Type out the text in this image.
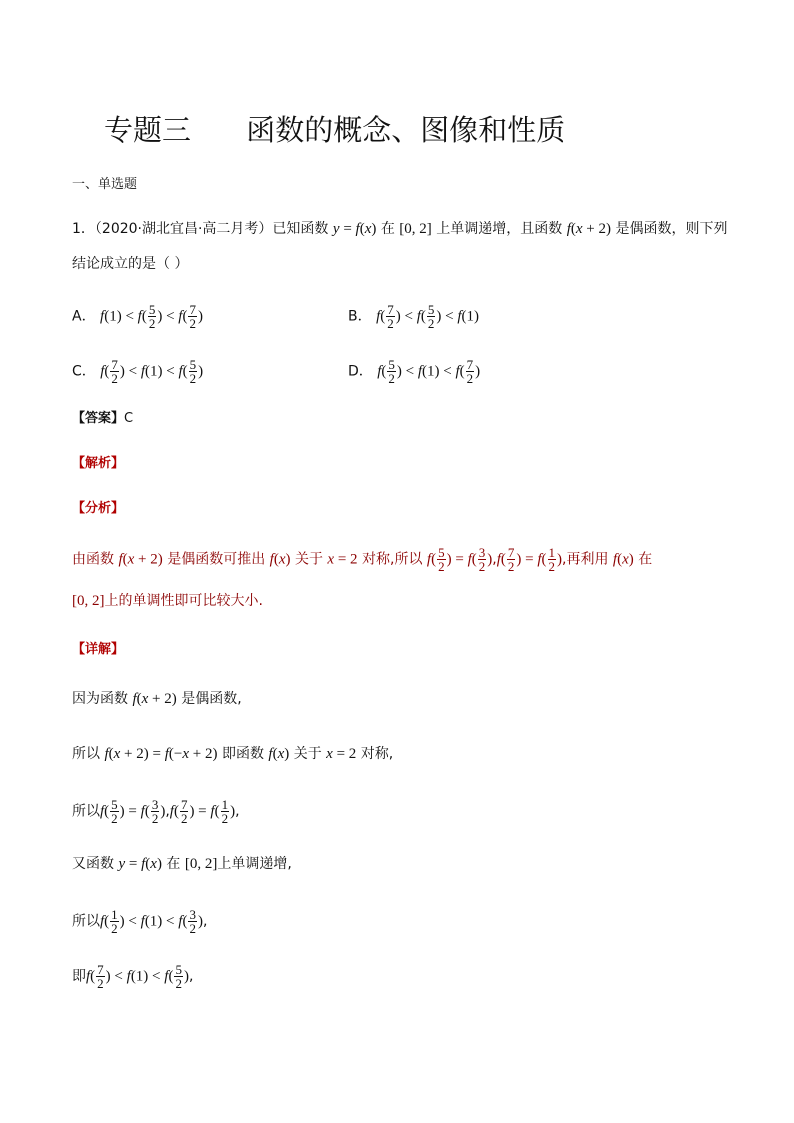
专题三      函数的概念、图像和性质
一、单选题
1．（2020·湖北宜昌·高二月考）已知函数 y = f(x) 在 [0, 2] 上单调递增，且函数 f(x + 2) 是偶函数，则下列
结论成立的是（ ）
A． $f(1) < f( \frac{5}{2}$ ) < $f( \frac{7}{2}$ )	B． $f( \frac{7}{2}$ ) < $f( \frac{5}{2}$ ) < f(1)
C． $f( \frac{7}{2}$ ) < $f(1) < f( \frac{5}{2}$ )	D． $f( \frac{5}{2}$ ) < $f(1) < f( \frac{7}{2}$ )
【答案】C
【解析】
【分析】
由函数 f(x + 2) 是偶函数可推出 f(x) 关于 x = 2 对称,所以 $f( \frac{5}{2}$ ) = $f( \frac{3}{2} ),f( \frac{7}{2}$ ) = $f( \frac{1}{2}$ ),再利用 f(x) 在
[0, 2]上的单调性即可比较大小.
【详解】
因为函数 f(x + 2) 是偶函数,
所以 f(x + 2) = f(−x + 2) 即函数 f(x) 关于 x = 2 对称,
所以$f( \frac{5}{2}$ ) = $f( \frac{3}{2} ),f( \frac{7}{2}$ ) = $f( \frac{1}{2}$ ),
又函数 y = f(x) 在 [0, 2]上单调递增,
所以$f( \frac{1}{2}$ ) < $f(1) < f( \frac{3}{2}$ ),
即$f( \frac{7}{2}$ ) < $f(1) < f( \frac{5}{2}$ ),
